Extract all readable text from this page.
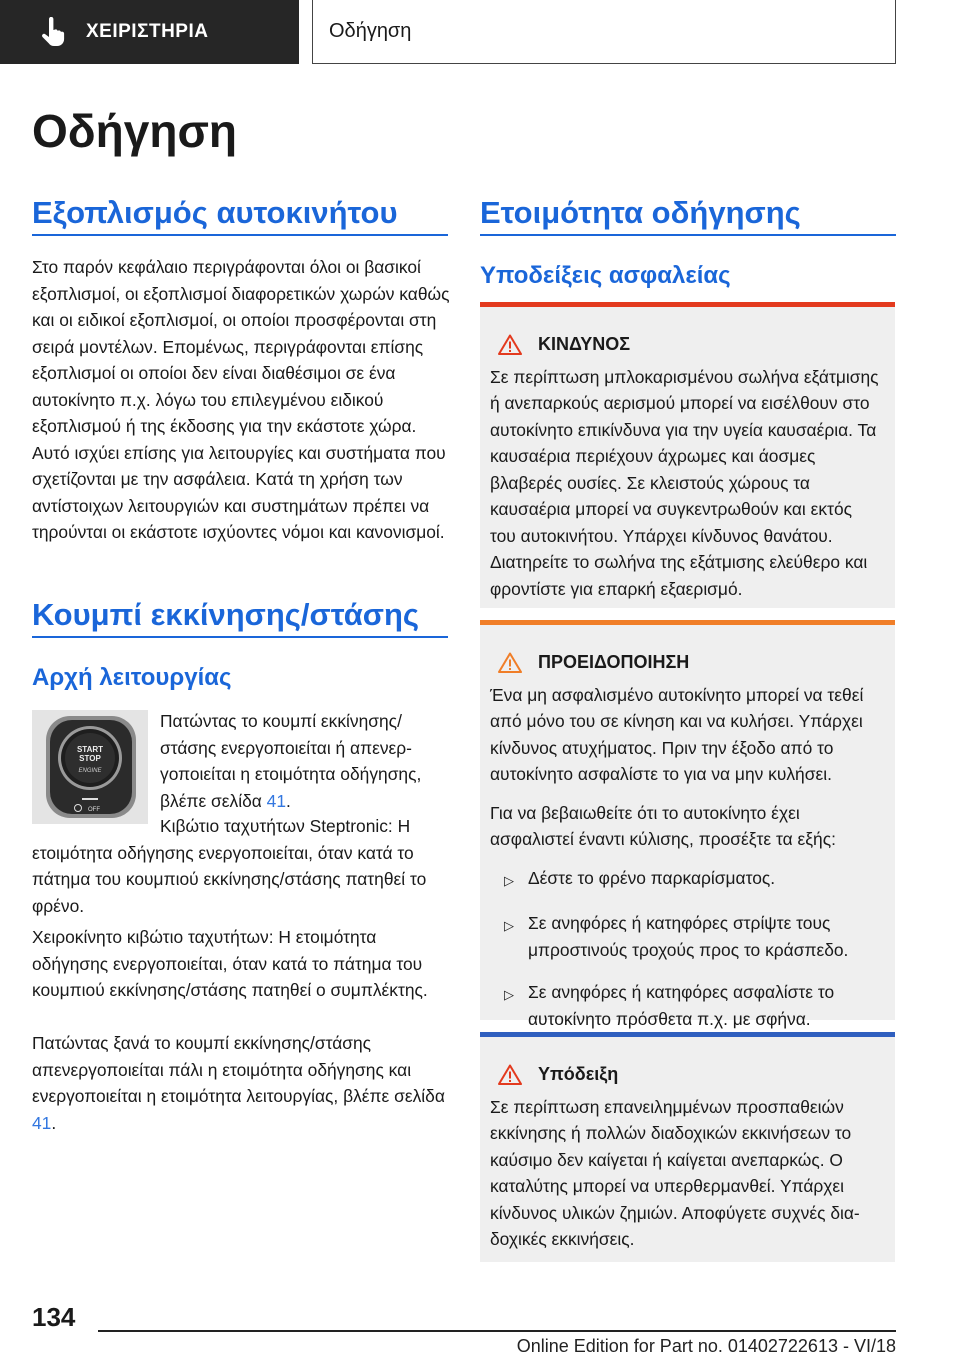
ΧΕΙΡΙΣΤΗΡΙΑ	Οδήγηση
Οδήγηση
Εξοπλισμός αυτοκινήτου
Στο παρόν κεφάλαιο περιγράφονται όλοι οι βασικοί εξοπλισμοί, οι εξοπλισμοί διαφορετικών χωρών καθώς και οι ειδικοί εξοπλισμοί, οι οποίοι προσφέρονται στη σειρά μοντέλων. Επομένως, περιγράφονται επίσης εξοπλισμοί οι οποίοι δεν είναι διαθέσιμοι σε ένα αυτοκίνητο π.χ. λόγω του επιλεγμένου ειδικού εξοπλισμού ή της έκδοσης για την εκάστοτε χώρα. Αυτό ισχύει επίσης για λειτουργίες και συστήματα που σχετίζονται με την ασφάλεια. Κατά τη χρήση των αντίστοιχων λειτουργιών και συστημάτων πρέπει να τηρούνται οι εκάστοτε ισχύοντες νόμοι και κανονισμοί.
Κουμπί εκκίνησης/στάσης
Αρχή λειτουργίας
START
STOP
ENGINE
OFF
Πατώντας το κουμπί εκκίνησης/στάσης ενεργοποιείται ή απενεργοποιείται η ετοιμότητα οδήγησης, βλέπε σελίδα 41.
Κιβώτιο ταχυτήτων Steptronic: Η ετοιμότητα οδήγησης ενεργοποιείται, όταν κατά το πάτημα του κουμπιού εκκίνησης/στάσης πατηθεί το φρένο.
Χειροκίνητο κιβώτιο ταχυτήτων: Η ετοιμότητα οδήγησης ενεργοποιείται, όταν κατά το πάτημα του κουμπιού εκκίνησης/στάσης πατηθεί ο συμπλέκτης.
Πατώντας ξανά το κουμπί εκκίνησης/στάσης απενεργοποιείται πάλι η ετοιμότητα οδήγησης και ενεργοποιείται η ετοιμότητα λειτουργίας, βλέπε σελίδα 41.
Ετοιμότητα οδήγησης
Υποδείξεις ασφαλείας
ΚΙΝΔΥΝΟΣ

Σε περίπτωση μπλοκαρισμένου σωλήνα εξάτμισης ή ανεπαρκούς αερισμού μπορεί να εισέλθουν στο αυτοκίνητο επικίνδυνα για την υγεία καυσαέρια. Τα καυσαέρια περιέχουν άχρωμες και άοσμες βλαβερές ουσίες. Σε κλειστούς χώρους τα καυσαέρια μπορεί να συγκεντρωθούν και εκτός του αυτοκινήτου. Υπάρχει κίνδυνος θανάτου. Διατηρείτε το σωλήνα της εξάτμισης ελεύθερο και φροντίστε για επαρκή εξαερισμό.

ΠΡΟΕΙΔΟΠΟΙΗΣΗ

Ένα μη ασφαλισμένο αυτοκίνητο μπορεί να τεθεί από μόνο του σε κίνηση και να κυλήσει. Υπάρχει κίνδυνος ατυχήματος. Πριν την έξοδο από το αυτοκίνητο ασφαλίστε το για να μην κυλήσει.

Για να βεβαιωθείτε ότι το αυτοκίνητο έχει ασφαλιστεί έναντι κύλισης, προσέξτε τα εξής:

▷ Δέστε το φρένο παρκαρίσματος.
▷ Σε ανηφόρες ή κατηφόρες στρίψτε τους μπροστινούς τροχούς προς το κράσπεδο.
▷ Σε ανηφόρες ή κατηφόρες ασφαλίστε το αυτοκίνητο πρόσθετα π.χ. με σφήνα.
Υπόδειξη

Σε περίπτωση επανειλημμένων προσπαθειών εκκίνησης ή πολλών διαδοχικών εκκινήσεων το καύσιμο δεν καίγεται ή καίγεται ανεπαρκώς. Ο καταλύτης μπορεί να υπερθερμανθεί. Υπάρχει κίνδυνος υλικών ζημιών. Αποφύγετε συχνές διαδοχικές εκκινήσεις.

134
Online Edition for Part no. 01402722613 - VI/18
